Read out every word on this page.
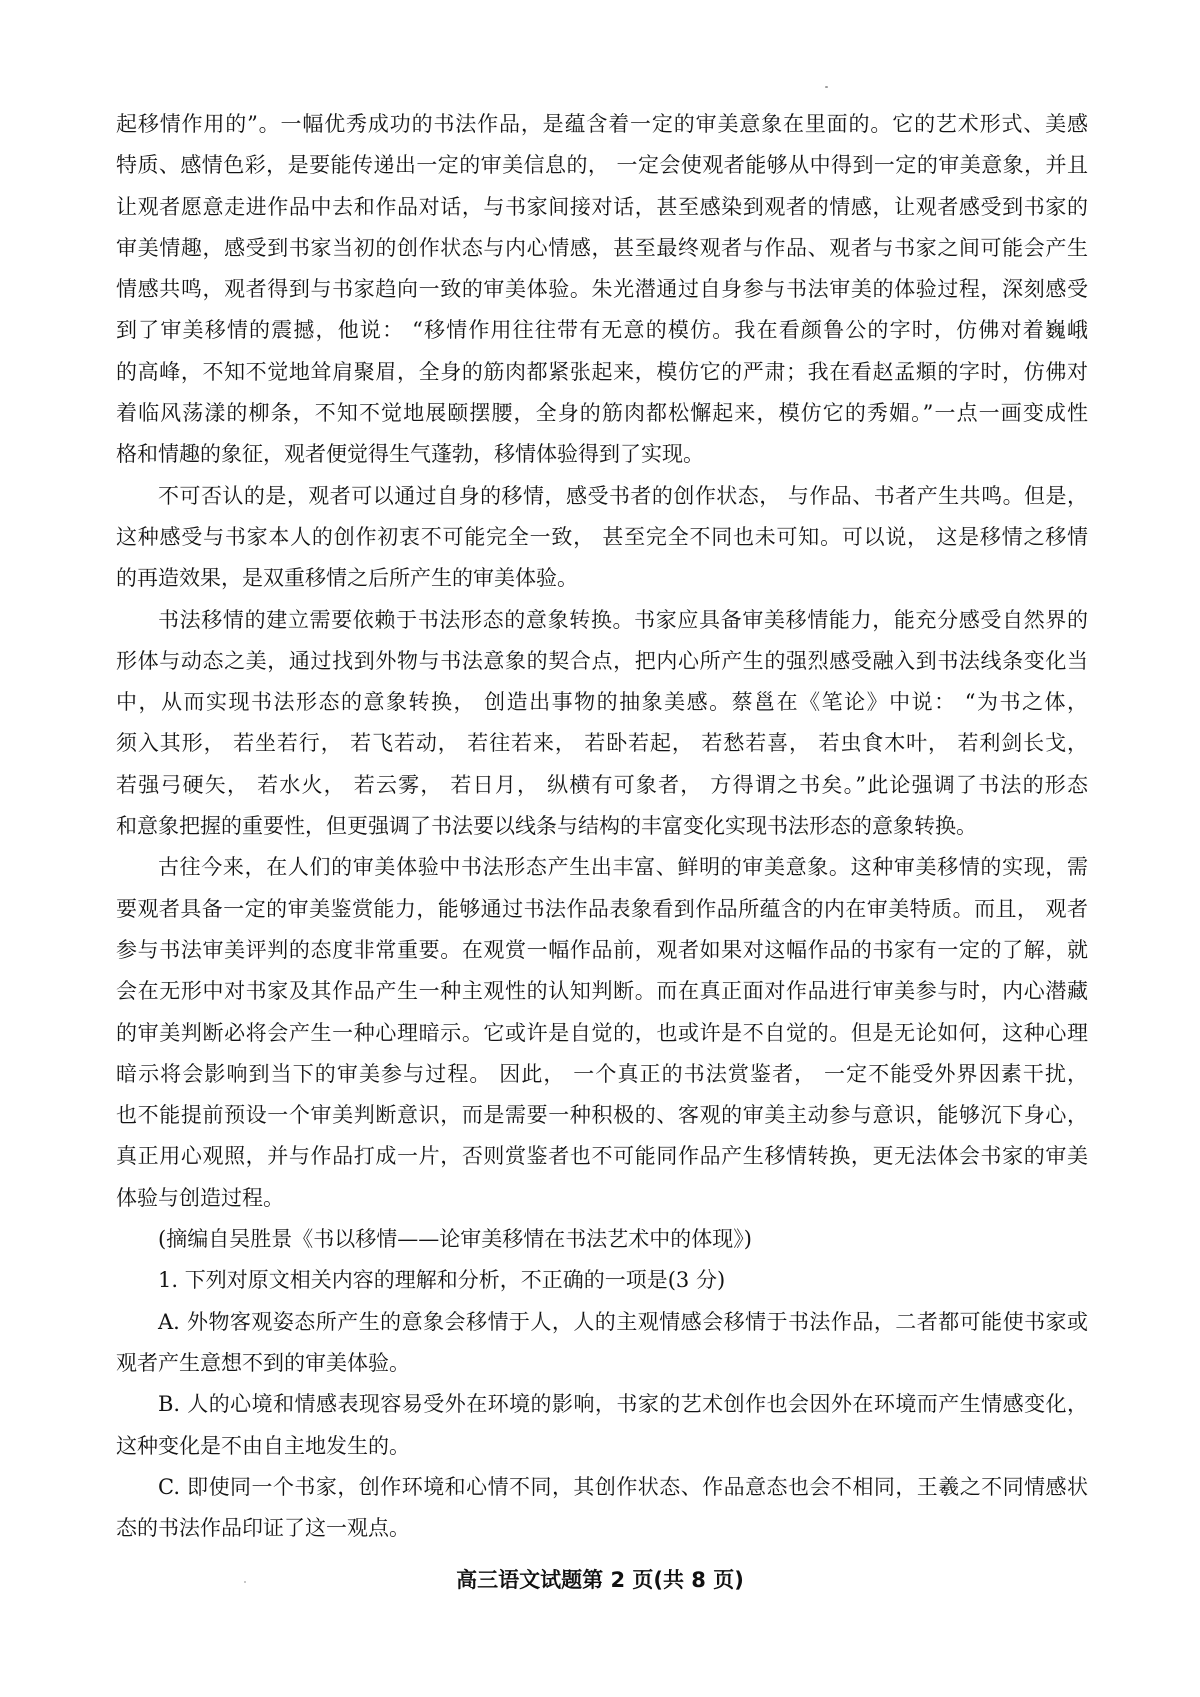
起移情作用的”。一幅优秀成功的书法作品，是蕴含着一定的审美意象在里面的。它的艺术形式、美感
特质、感情色彩，是要能传递出一定的审美信息的， 一定会使观者能够从中得到一定的审美意象，并且
让观者愿意走进作品中去和作品对话，与书家间接对话，甚至感染到观者的情感，让观者感受到书家的
审美情趣，感受到书家当初的创作状态与内心情感，甚至最终观者与作品、观者与书家之间可能会产生
情感共鸣，观者得到与书家趋向一致的审美体验。朱光潜通过自身参与书法审美的体验过程，深刻感受
到了审美移情的震撼，他说： “移情作用往往带有无意的模仿。我在看颜鲁公的字时，仿佛对着巍峨
的高峰，不知不觉地耸肩聚眉，全身的筋肉都紧张起来，模仿它的严肃；我在看赵孟頫的字时，仿佛对
着临风荡漾的柳条，不知不觉地展颐摆腰，全身的筋肉都松懈起来，模仿它的秀媚。”一点一画变成性
格和情趣的象征，观者便觉得生气蓬勃，移情体验得到了实现。
不可否认的是，观者可以通过自身的移情，感受书者的创作状态， 与作品、书者产生共鸣。但是，
这种感受与书家本人的创作初衷不可能完全一致， 甚至完全不同也未可知。可以说， 这是移情之移情
的再造效果，是双重移情之后所产生的审美体验。
书法移情的建立需要依赖于书法形态的意象转换。书家应具备审美移情能力，能充分感受自然界的
形体与动态之美，通过找到外物与书法意象的契合点，把内心所产生的强烈感受融入到书法线条变化当
中，从而实现书法形态的意象转换， 创造出事物的抽象美感。蔡邕在《笔论》中说： “为书之体，
须入其形， 若坐若行， 若飞若动， 若往若来， 若卧若起， 若愁若喜， 若虫食木叶， 若利剑长戈，
若强弓硬矢， 若水火， 若云雾， 若日月， 纵横有可象者， 方得谓之书矣。”此论强调了书法的形态
和意象把握的重要性，但更强调了书法要以线条与结构的丰富变化实现书法形态的意象转换。
古往今来，在人们的审美体验中书法形态产生出丰富、鲜明的审美意象。这种审美移情的实现，需
要观者具备一定的审美鉴赏能力，能够通过书法作品表象看到作品所蕴含的内在审美特质。而且， 观者
参与书法审美评判的态度非常重要。在观赏一幅作品前，观者如果对这幅作品的书家有一定的了解，就
会在无形中对书家及其作品产生一种主观性的认知判断。而在真正面对作品进行审美参与时，内心潜藏
的审美判断必将会产生一种心理暗示。它或许是自觉的，也或许是不自觉的。但是无论如何，这种心理
暗示将会影响到当下的审美参与过程。 因此， 一个真正的书法赏鉴者， 一定不能受外界因素干扰，
也不能提前预设一个审美判断意识，而是需要一种积极的、客观的审美主动参与意识，能够沉下身心，
真正用心观照，并与作品打成一片，否则赏鉴者也不可能同作品产生移情转换，更无法体会书家的审美
体验与创造过程。
(摘编自吴胜景《书以移情——论审美移情在书法艺术中的体现》)
1. 下列对原文相关内容的理解和分析，不正确的一项是(3 分)
A. 外物客观姿态所产生的意象会移情于人，人的主观情感会移情于书法作品，二者都可能使书家或
观者产生意想不到的审美体验。
B. 人的心境和情感表现容易受外在环境的影响，书家的艺术创作也会因外在环境而产生情感变化，
这种变化是不由自主地发生的。
C. 即使同一个书家，创作环境和心情不同，其创作状态、作品意态也会不相同，王羲之不同情感状
态的书法作品印证了这一观点。
高三语文试题第 2 页(共 8 页)
